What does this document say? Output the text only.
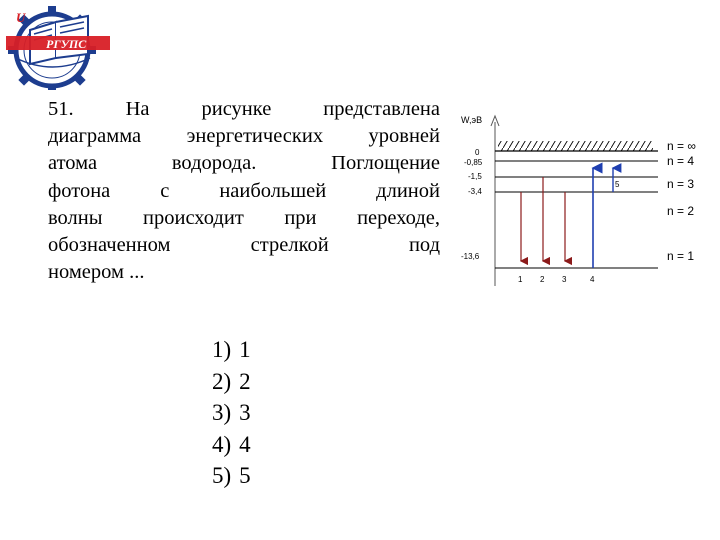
U
РГУПС
51. На рисунке представлена
диаграмма энергетических уровней
атома водорода. Поглощение
фотона с наибольшей длиной
волны происходит при переходе,
обозначенном стрелкой под
номером ...
1) 1
2) 2
3) 3
4) 4
5) 5
W,эВ
0
-0,85
-1,5
-3,4
-13,6
n = ∞
n = 4
n = 3
n = 2
n = 1
1 2 3	4
5
